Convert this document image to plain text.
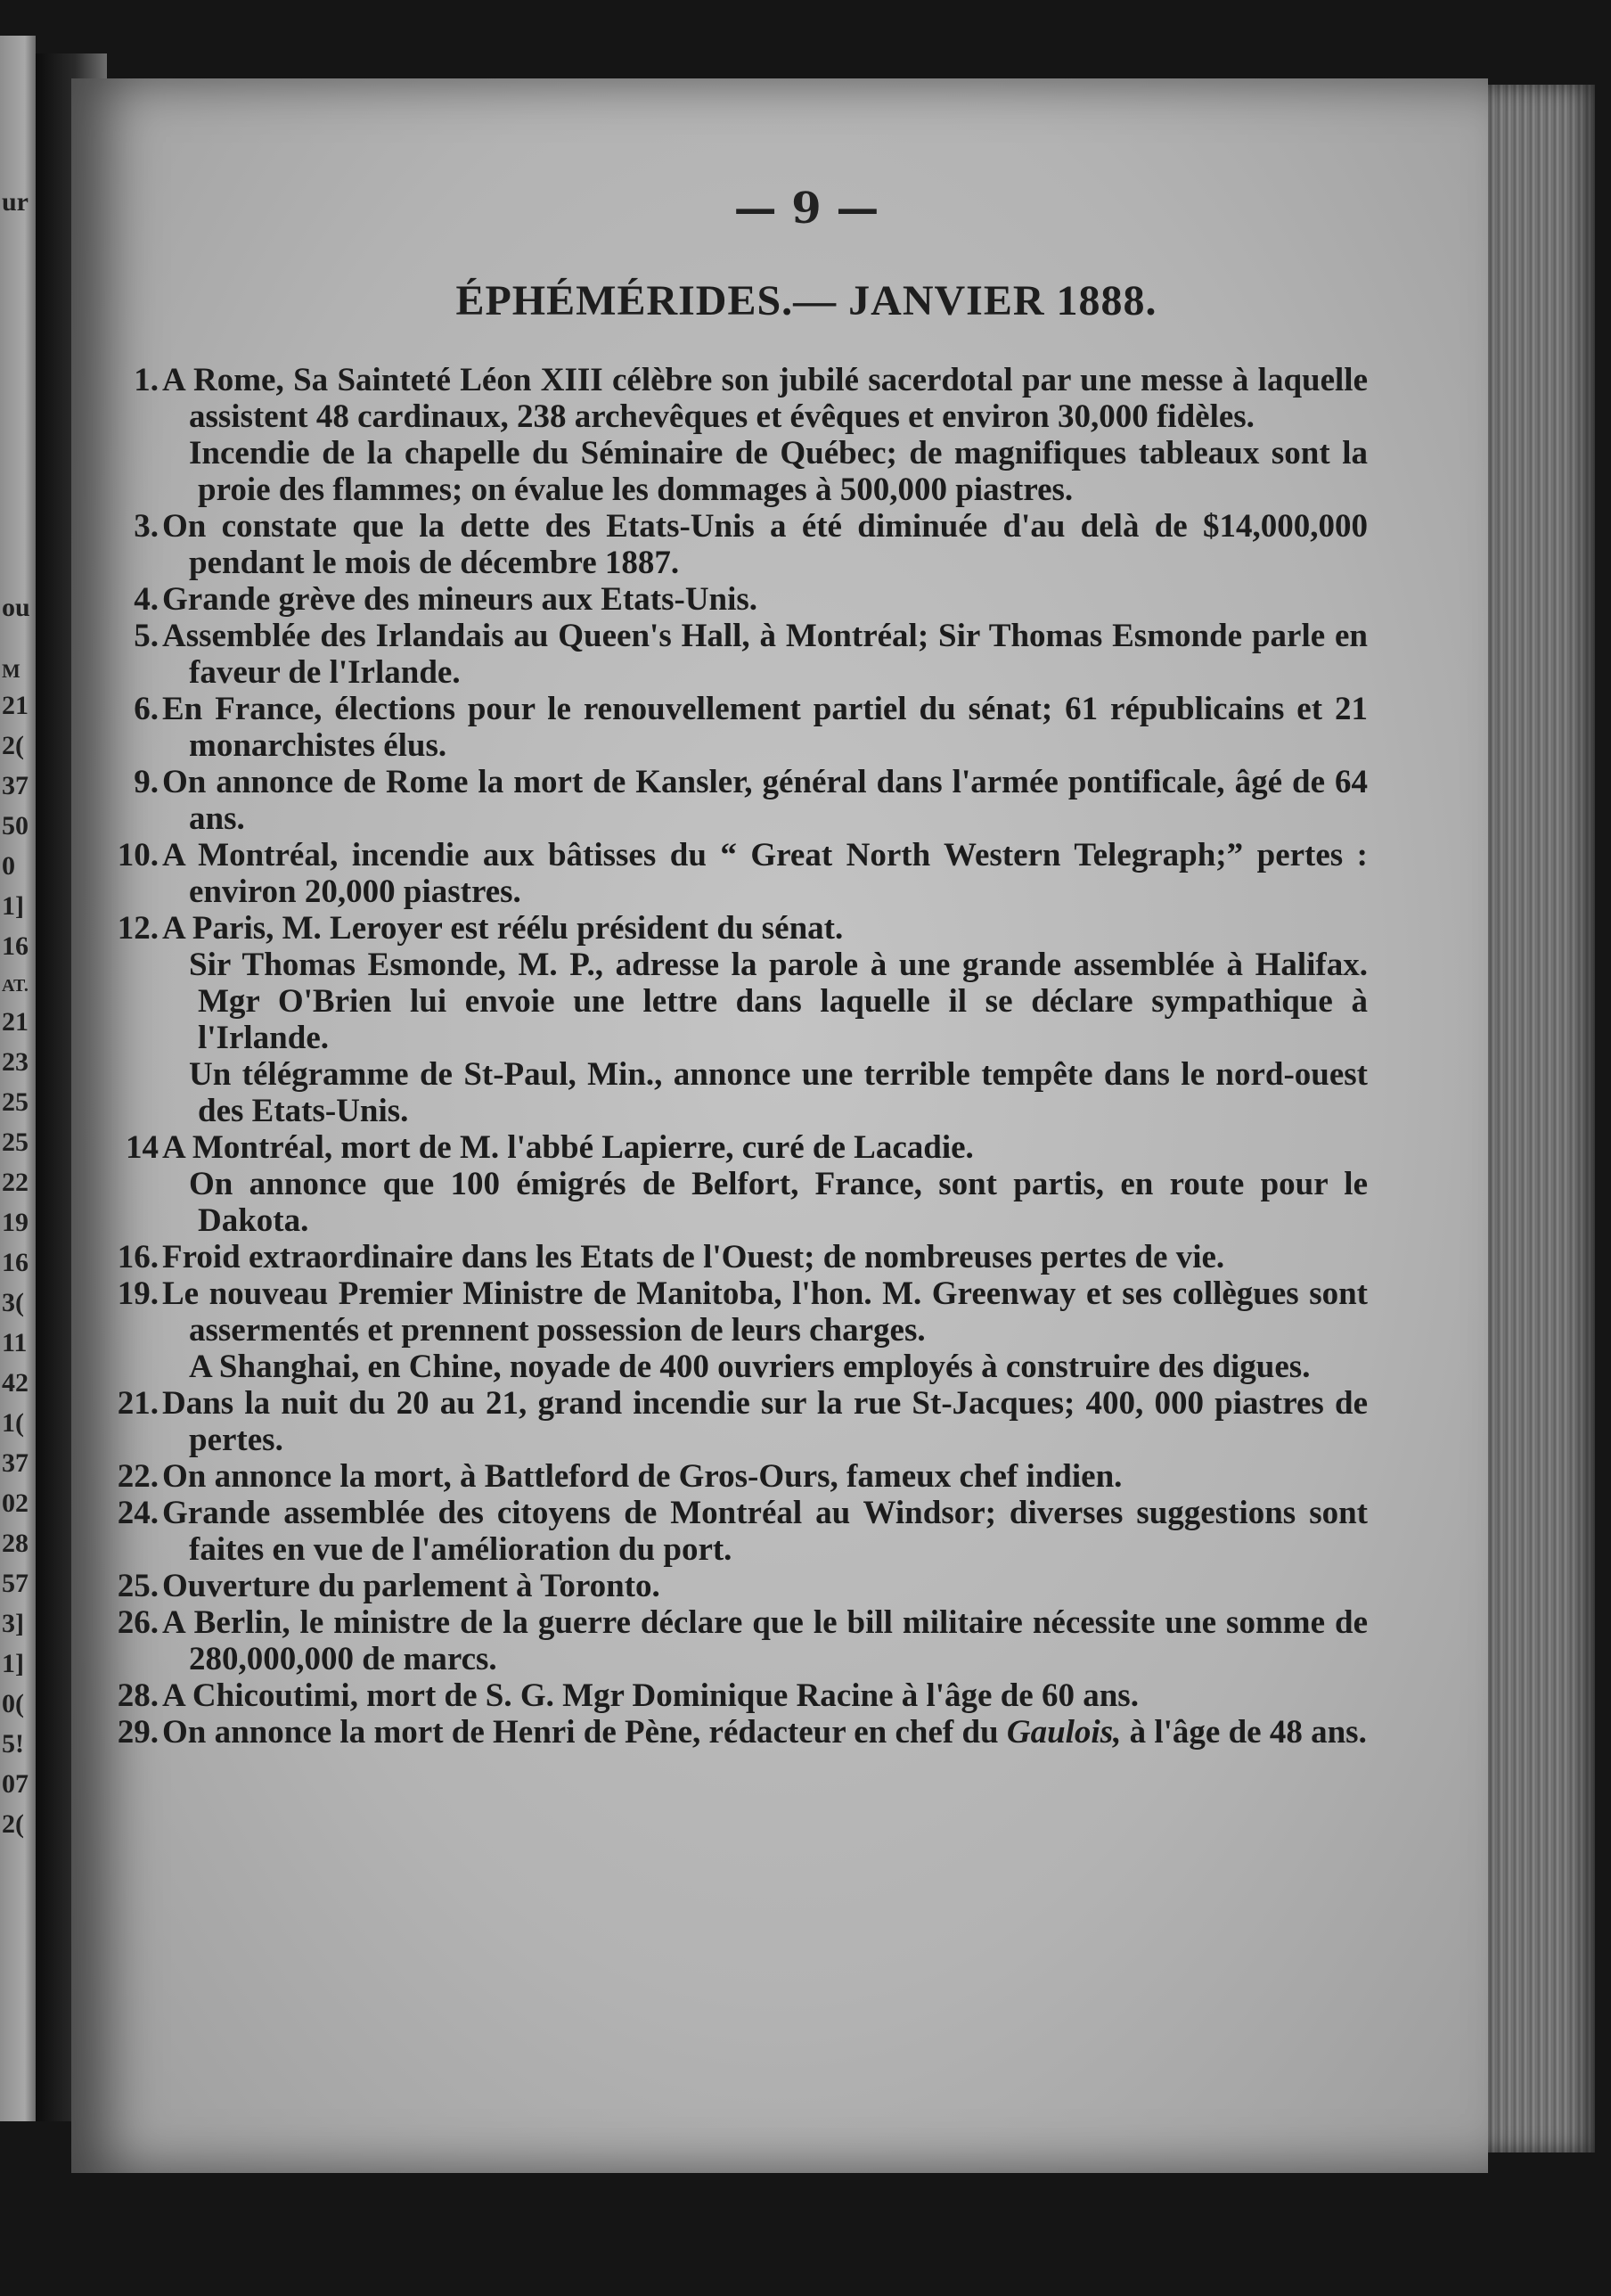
ur
ou
M
21
2(
37
50
0
1]
16
AT.
21
23
25
25
22
19
16
3(
11
42
1(
37
02
28
57
3]
1]
0(
5!
07
2(
— 9 —
ÉPHÉMÉRIDES.— JANVIER 1888.
1. A Rome, Sa Sainteté Léon XIII célèbre son jubilé sacerdotal par une messe à laquelle assistent 48 cardinaux, 238 archevêques et évêques et environ 30,000 fidèles.
Incendie de la chapelle du Séminaire de Québec; de magnifiques tableaux sont la proie des flammes; on évalue les dommages à 500,000 piastres.
3. On constate que la dette des Etats-Unis a été diminuée d'au delà de $14,000,000 pendant le mois de décembre 1887.
4. Grande grève des mineurs aux Etats-Unis.
5. Assemblée des Irlandais au Queen's Hall, à Montréal; Sir Thomas Esmonde parle en faveur de l'Irlande.
6. En France, élections pour le renouvellement partiel du sénat; 61 républicains et 21 monarchistes élus.
9. On annonce de Rome la mort de Kansler, général dans l'armée pontificale, âgé de 64 ans.
10. A Montréal, incendie aux bâtisses du “ Great North Western Telegraph;” pertes : environ 20,000 piastres.
12. A Paris, M. Leroyer est réélu président du sénat.
Sir Thomas Esmonde, M. P., adresse la parole à une grande assemblée à Halifax. Mgr O'Brien lui envoie une lettre dans laquelle il se déclare sympathique à l'Irlande.
Un télégramme de St-Paul, Min., annonce une terrible tempête dans le nord-ouest des Etats-Unis.
14 A Montréal, mort de M. l'abbé Lapierre, curé de Lacadie.
On annonce que 100 émigrés de Belfort, France, sont partis, en route pour le Dakota.
16. Froid extraordinaire dans les Etats de l'Ouest; de nombreuses pertes de vie.
19. Le nouveau Premier Ministre de Manitoba, l'hon. M. Greenway et ses collègues sont assermentés et prennent possession de leurs charges.
A Shanghai, en Chine, noyade de 400 ouvriers employés à construire des digues.
21. Dans la nuit du 20 au 21, grand incendie sur la rue St-Jacques; 400, 000 piastres de pertes.
22. On annonce la mort, à Battleford de Gros-Ours, fameux chef indien.
24. Grande assemblée des citoyens de Montréal au Windsor; diverses suggestions sont faites en vue de l'amélioration du port.
25. Ouverture du parlement à Toronto.
26. A Berlin, le ministre de la guerre déclare que le bill militaire nécessite une somme de 280,000,000 de marcs.
28. A Chicoutimi, mort de S. G. Mgr Dominique Racine à l'âge de 60 ans.
29. On annonce la mort de Henri de Pène, rédacteur en chef du Gaulois, à l'âge de 48 ans.
